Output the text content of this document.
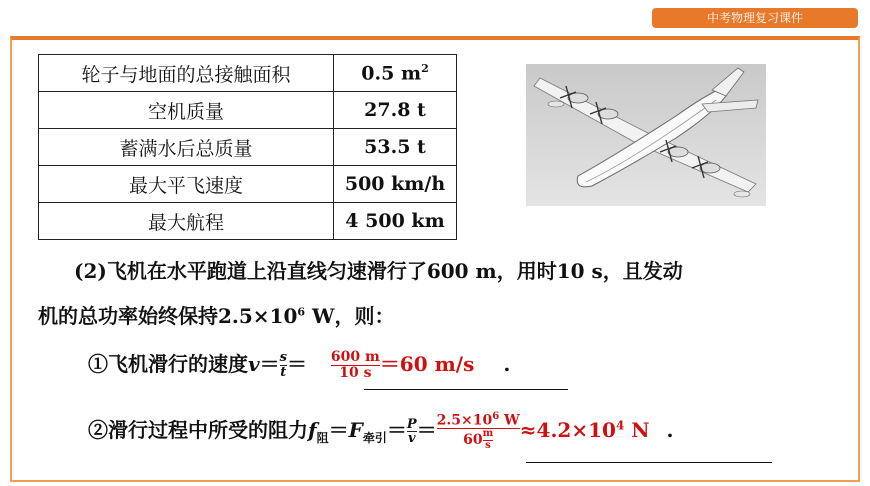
中考物理复习课件
轮子与地面的总接触面积	0.5 $m^2$
空机质量	27.8 t
蓄满水后总质量	53.5 t
最大平飞速度	500 km/h
最大航程	4 500 km
(2)飞机在水平跑道上沿直线匀速滑行了600 m，用时10 s，且发动
机的总功率始终保持$2.5\times 10^6$ W，则：
①飞机滑行的速度$v= \frac{s}{t} = \frac{600 m}{10 s} =60$ m/s .
②滑行过程中所受的阻力$f_阻=F_{牵引}= \frac{P}{v} = \frac{2.5\times 10^6 W}{60 \frac{m}{s}} \approx 4.2\times 10^4$ N .
